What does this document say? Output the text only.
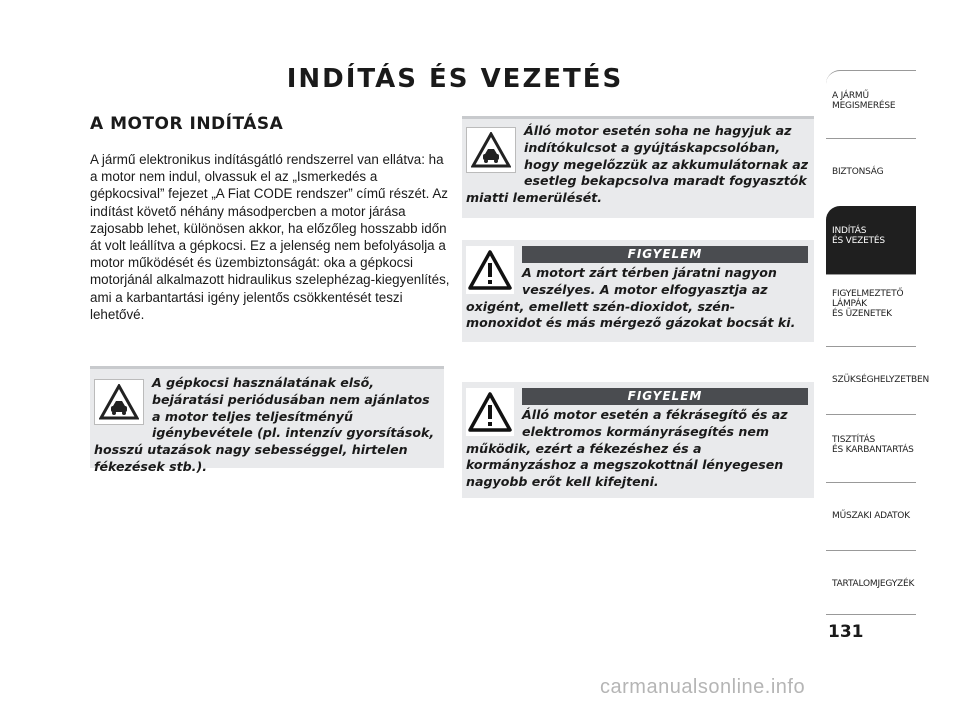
INDÍTÁS ÉS VEZETÉS
A MOTOR INDÍTÁSA

A jármű elektronikus indításgátló rendszerrel van ellátva: ha a motor nem indul, olvassuk el az „Ismerkedés a gépkocsival” fejezet „A Fiat CODE rendszer” című részét. Az indítást követő néhány másodpercben a motor járása zajosabb lehet, különösen akkor, ha előzőleg hosszabb időn át volt leállítva a gépkocsi. Ez a jelenség nem befolyásolja a motor működését és üzembiztonságát: oka a gépkocsi motorjánál alkalmazott hidraulikus szelephézag-kiegyenlítés, ami a karbantartási igény jelentős csökkentését teszi lehetővé.

A gépkocsi használatának első, bejáratási periódusában nem ajánlatos a motor teljes teljesítményű igénybevétele (pl. intenzív gyorsítások, hosszú utazások nagy sebességgel, hirtelen fékezések stb.).
Álló motor esetén soha ne hagyjuk az indítókulcsot a gyújtáskapcsolóban, hogy megelőzzük az akkumulátornak az esetleg bekapcsolva maradt fogyasztók miatti lemerülését.
FIGYELEM
A motort zárt térben járatni nagyon veszélyes. A motor elfogyasztja az oxigént, emellett szén-dioxidot, szén-monoxidot és más mérgező gázokat bocsát ki.
FIGYELEM
Álló motor esetén a fékrásegítő és az elektromos kormányrásegítés nem működik, ezért a fékezéshez és a kormányzáshoz a megszokottnál lényegesen nagyobb erőt kell kifejteni.
A JÁRMŰ
MEGISMERÉSE
BIZTONSÁG
INDÍTÁS
ÉS VEZETÉS
FIGYELMEZTETŐ
LÁMPÁK
ÉS ÜZENETEK
SZÜKSÉGHELYZETBEN
TISZTÍTÁS
ÉS KARBANTARTÁS
MŰSZAKI ADATOK
TARTALOMJEGYZÉK
131
carmanualsonline.info
